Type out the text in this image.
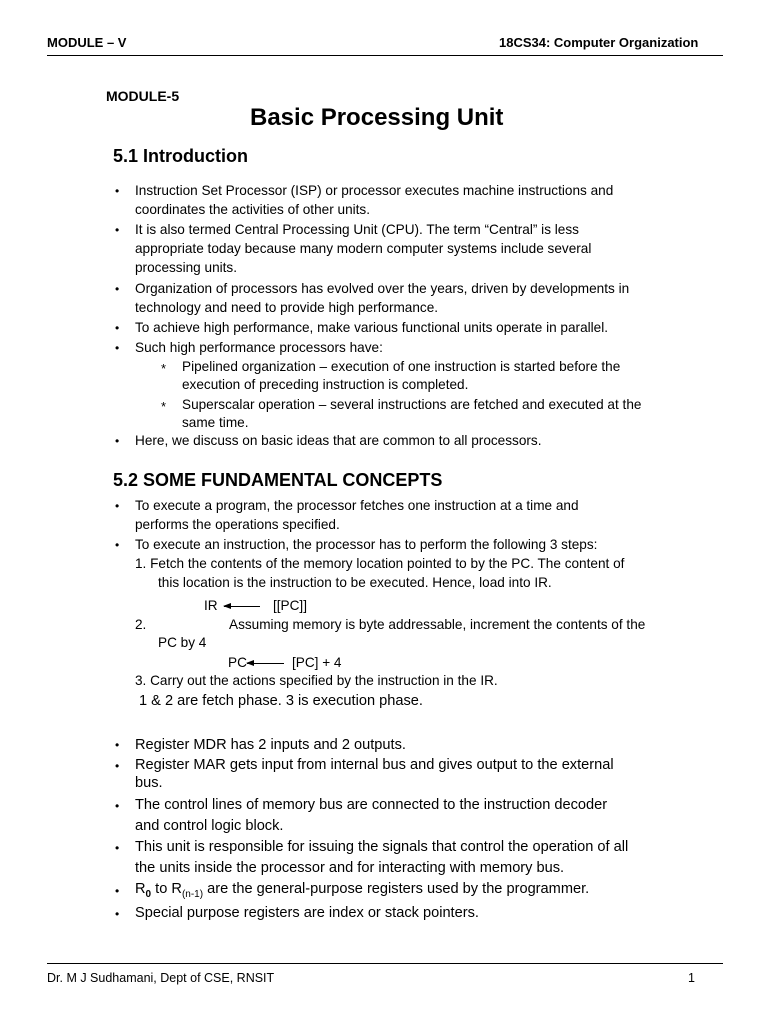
MODULE – V	18CS34: Computer Organization
MODULE-5
Basic Processing Unit
5.1 Introduction
• Instruction Set Processor (ISP) or processor executes machine instructions and
coordinates the activities of other units.
• It is also termed Central Processing Unit (CPU). The term “Central” is less
appropriate today because many modern computer systems include several
processing units.
• Organization of processors has evolved over the years, driven by developments in
technology and need to provide high performance.
• To achieve high performance, make various functional units operate in parallel.
• Such high performance processors have:
* Pipelined organization – execution of one instruction is started before the
execution of preceding instruction is completed.
* Superscalar operation – several instructions are fetched and executed at the
same time.
• Here, we discuss on basic ideas that are common to all processors.
5.2 SOME FUNDAMENTAL CONCEPTS
• To execute a program, the processor fetches one instruction at a time and
performs the operations specified.
• To execute an instruction, the processor has to perform the following 3 steps:
1. Fetch the contents of the memory location pointed to by the PC. The content of
this location is the instruction to be executed. Hence, load into IR.
IR	[[PC]]
2.	Assuming memory is byte addressable, increment the contents of the
PC by 4
PC	[PC] + 4
3. Carry out the actions specified by the instruction in the IR.
1 & 2 are fetch phase. 3 is execution phase.
• Register MDR has 2 inputs and 2 outputs.
• Register MAR gets input from internal bus and gives output to the external
bus.
• The control lines of memory bus are connected to the instruction decoder
and control logic block.
• This unit is responsible for issuing the signals that control the operation of all
the units inside the processor and for interacting with memory bus.
• $R_0$ to $R_{(n-1)}$ are the general-purpose registers used by the programmer.
• Special purpose registers are index or stack pointers.
Dr. M J Sudhamani, Dept of CSE, RNSIT	1
